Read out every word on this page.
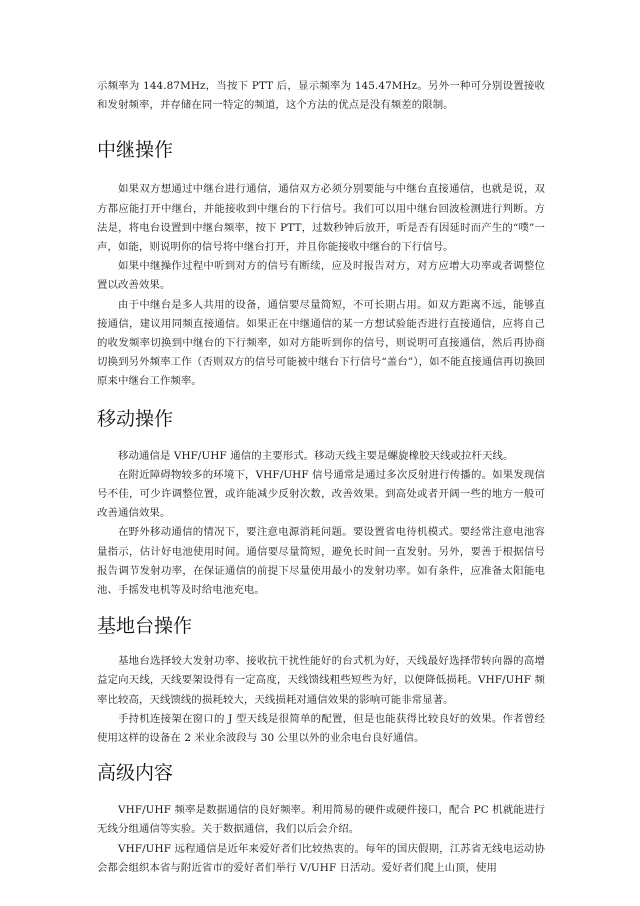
示频率为 144.87MHz，当按下 PTT 后，显示频率为 145.47MHz。另外一种可分别设置接收和发射频率，并存储在同一特定的频道，这个方法的优点是没有频差的限制。

中继操作

如果双方想通过中继台进行通信，通信双方必须分别要能与中继台直接通信，也就是说，双方都应能打开中继台，并能接收到中继台的下行信号。我们可以用中继台回波检测进行判断。方法是，将电台设置到中继台频率，按下 PTT，过数秒钟后放开，听是否有因延时而产生的“噗”一声，如能，则说明你的信号将中继台打开，并且你能接收中继台的下行信号。

如果中继操作过程中听到对方的信号有断续，应及时报告对方，对方应增大功率或者调整位置以改善效果。

由于中继台是多人共用的设备，通信要尽量简短，不可长期占用。如双方距离不远，能够直接通信，建议用同频直接通信。如果正在中继通信的某一方想试验能否进行直接通信，应将自己的收发频率切换到中继台的下行频率，如对方能听到你的信号，则说明可直接通信，然后再协商切换到另外频率工作（否则双方的信号可能被中继台下行信号“盖台”），如不能直接通信再切换回原来中继台工作频率。

移动操作

移动通信是 VHF/UHF 通信的主要形式。移动天线主要是螺旋橡胶天线或拉杆天线。

在附近障碍物较多的环境下，VHF/UHF 信号通常是通过多次反射进行传播的。如果发现信号不佳，可少许调整位置，或许能减少反射次数，改善效果。到高处或者开阔一些的地方一般可改善通信效果。

在野外移动通信的情况下，要注意电源消耗问题。要设置省电待机模式。要经常注意电池容量指示，估计好电池使用时间。通信要尽量简短，避免长时间一直发射。另外，要善于根据信号报告调节发射功率，在保证通信的前提下尽量使用最小的发射功率。如有条件，应准备太阳能电池、手摇发电机等及时给电池充电。

基地台操作

基地台选择较大发射功率、接收抗干扰性能好的台式机为好，天线最好选择带转向器的高增益定向天线，天线要架设得有一定高度，天线馈线粗些短些为好，以便降低损耗。VHF/UHF 频率比较高，天线馈线的损耗较大，天线损耗对通信效果的影响可能非常显著。

手持机连接架在窗口的 J 型天线是很简单的配置，但是也能获得比较良好的效果。作者曾经使用这样的设备在 2 米业余波段与 30 公里以外的业余电台良好通信。

高级内容

VHF/UHF 频率是数据通信的良好频率。利用简易的硬件或硬件接口，配合 PC 机就能进行无线分组通信等实验。关于数据通信，我们以后会介绍。

VHF/UHF 远程通信是近年来爱好者们比较热衷的。每年的国庆假期，江苏省无线电运动协会都会组织本省与附近省市的爱好者们举行 V/UHF 日活动。爱好者们爬上山顶，使用
